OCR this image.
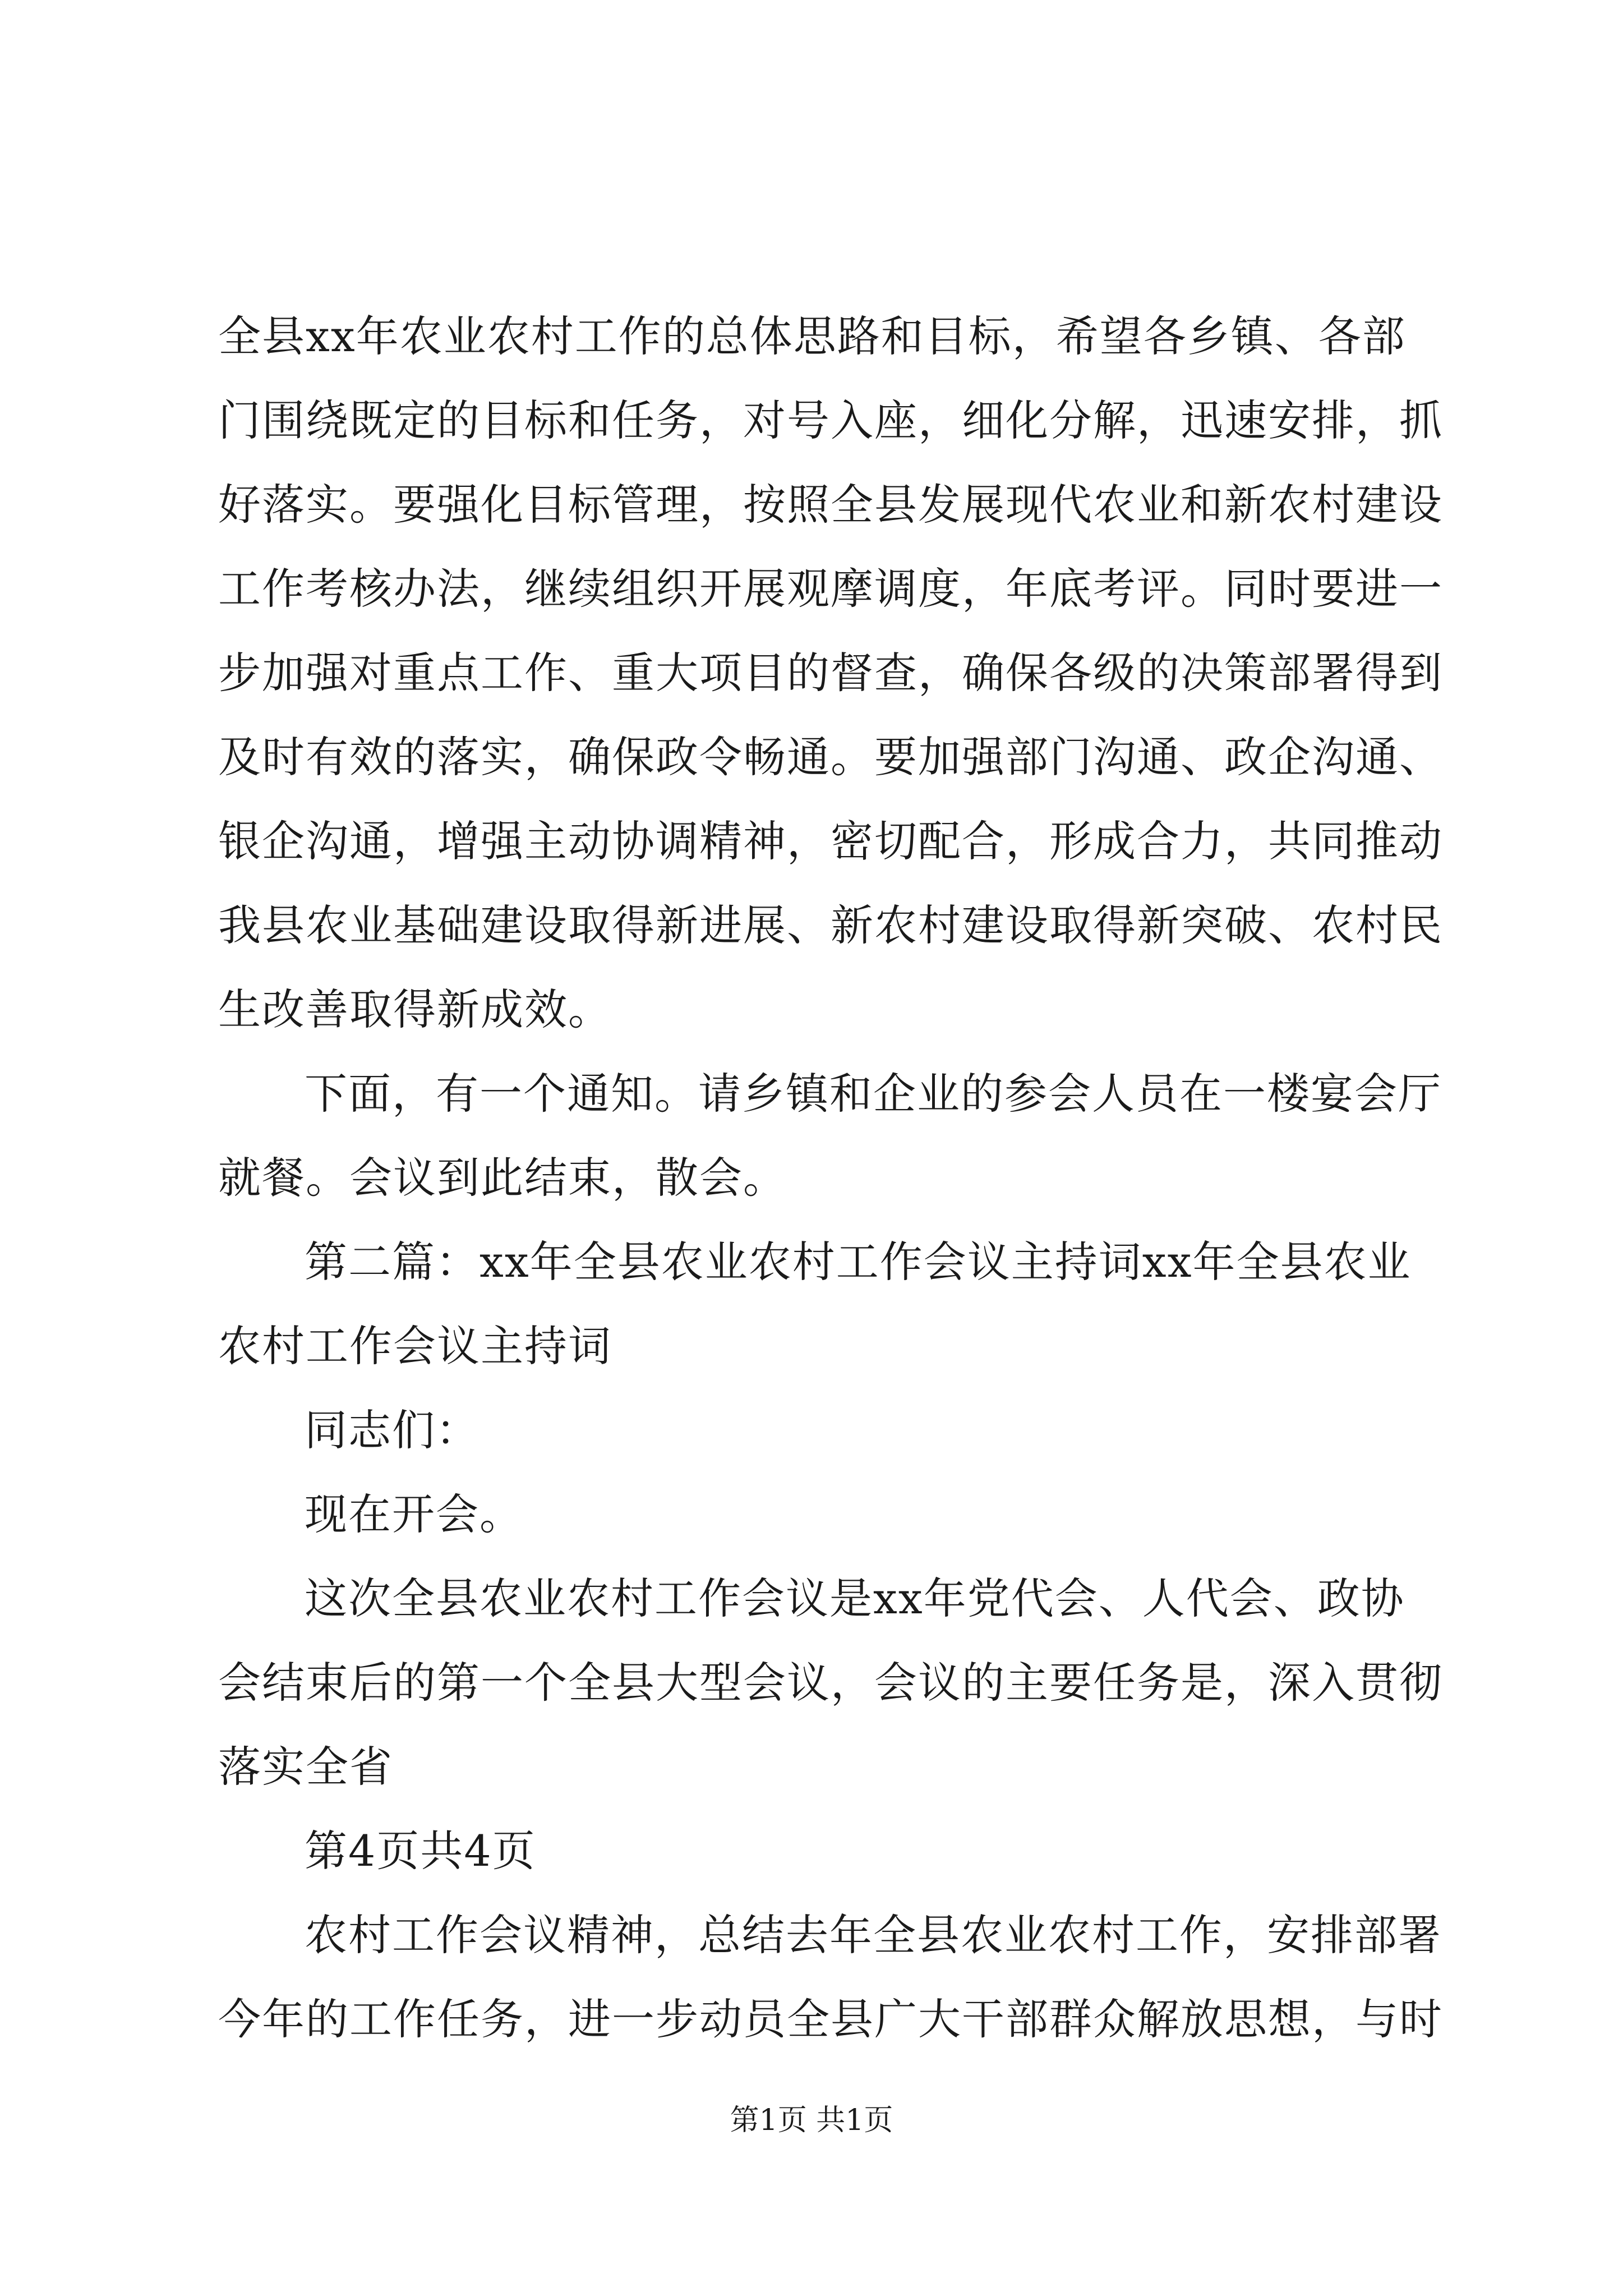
全县xx年农业农村工作的总体思路和目标，希望各乡镇、各部
门围绕既定的目标和任务，对号入座，细化分解，迅速安排，抓
好落实。要强化目标管理，按照全县发展现代农业和新农村建设
工作考核办法，继续组织开展观摩调度，年底考评。同时要进一
步加强对重点工作、重大项目的督查，确保各级的决策部署得到
及时有效的落实，确保政令畅通。要加强部门沟通、政企沟通、
银企沟通，增强主动协调精神，密切配合，形成合力，共同推动
我县农业基础建设取得新进展、新农村建设取得新突破、农村民
生改善取得新成效。
下面，有一个通知。请乡镇和企业的参会人员在一楼宴会厅
就餐。会议到此结束，散会。
第二篇：xx年全县农业农村工作会议主持词xx年全县农业
农村工作会议主持词
同志们：
现在开会。
这次全县农业农村工作会议是xx年党代会、人代会、政协
会结束后的第一个全县大型会议，会议的主要任务是，深入贯彻
落实全省
第4页共4页
农村工作会议精神，总结去年全县农业农村工作，安排部署
今年的工作任务，进一步动员全县广大干部群众解放思想，与时
第1页 共1页
